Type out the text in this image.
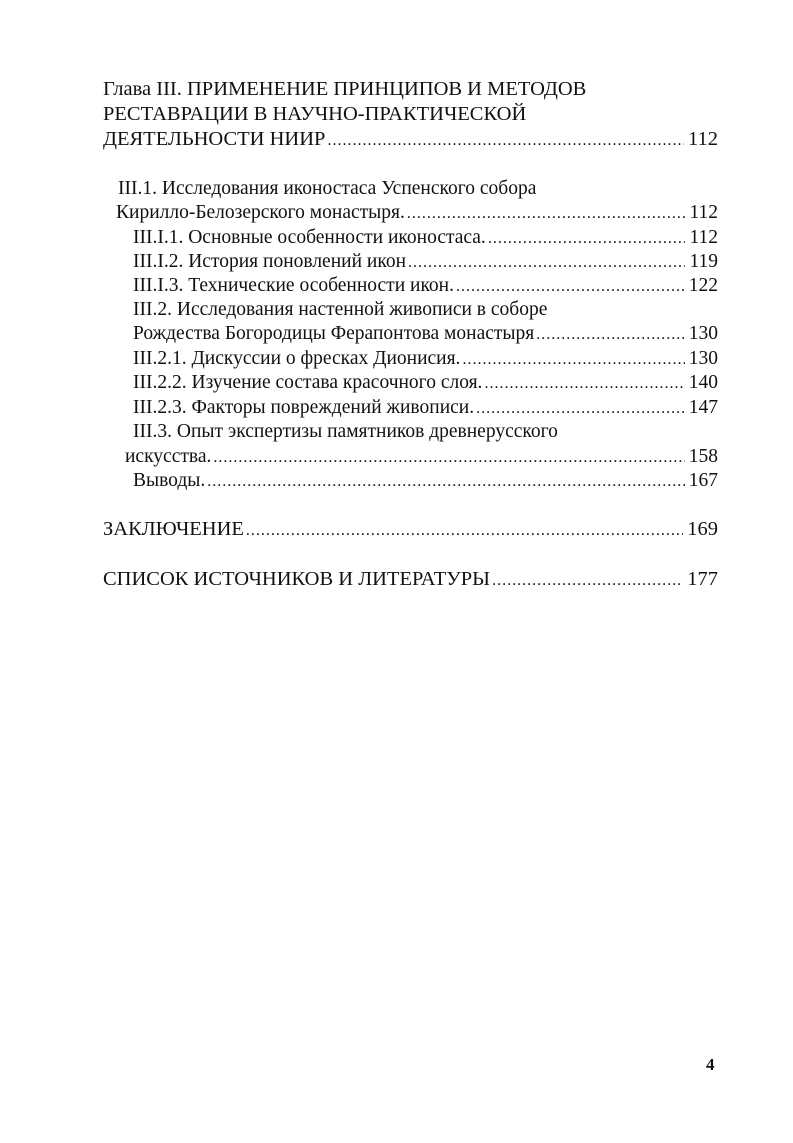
Глава III. ПРИМЕНЕНИЕ ПРИНЦИПОВ И МЕТОДОВ
РЕСТАВРАЦИИ В НАУЧНО-ПРАКТИЧЕСКОЙ
ДЕЯТЕЛЬНОСТИ НИИР .....	112
III.1. Исследования иконостаса Успенского собора
Кирилло-Белозерского монастыря. .....	112
III.I.1. Основные особенности иконостаса. .....	112
III.I.2. История поновлений икон .....	119
III.I.3. Технические особенности икон. .....	122
III.2. Исследования настенной живописи в соборе
Рождества Богородицы Ферапонтова монастыря .....	130
III.2.1. Дискуссии о фресках Дионисия. .....	130
III.2.2. Изучение состава красочного слоя. .....	140
III.2.3. Факторы повреждений живописи. .....	147
III.3. Опыт экспертизы памятников древнерусского
искусства. .....	158
Выводы. .....	167
ЗАКЛЮЧЕНИЕ .....	169
СПИСОК ИСТОЧНИКОВ И ЛИТЕРАТУРЫ .....	177
4
